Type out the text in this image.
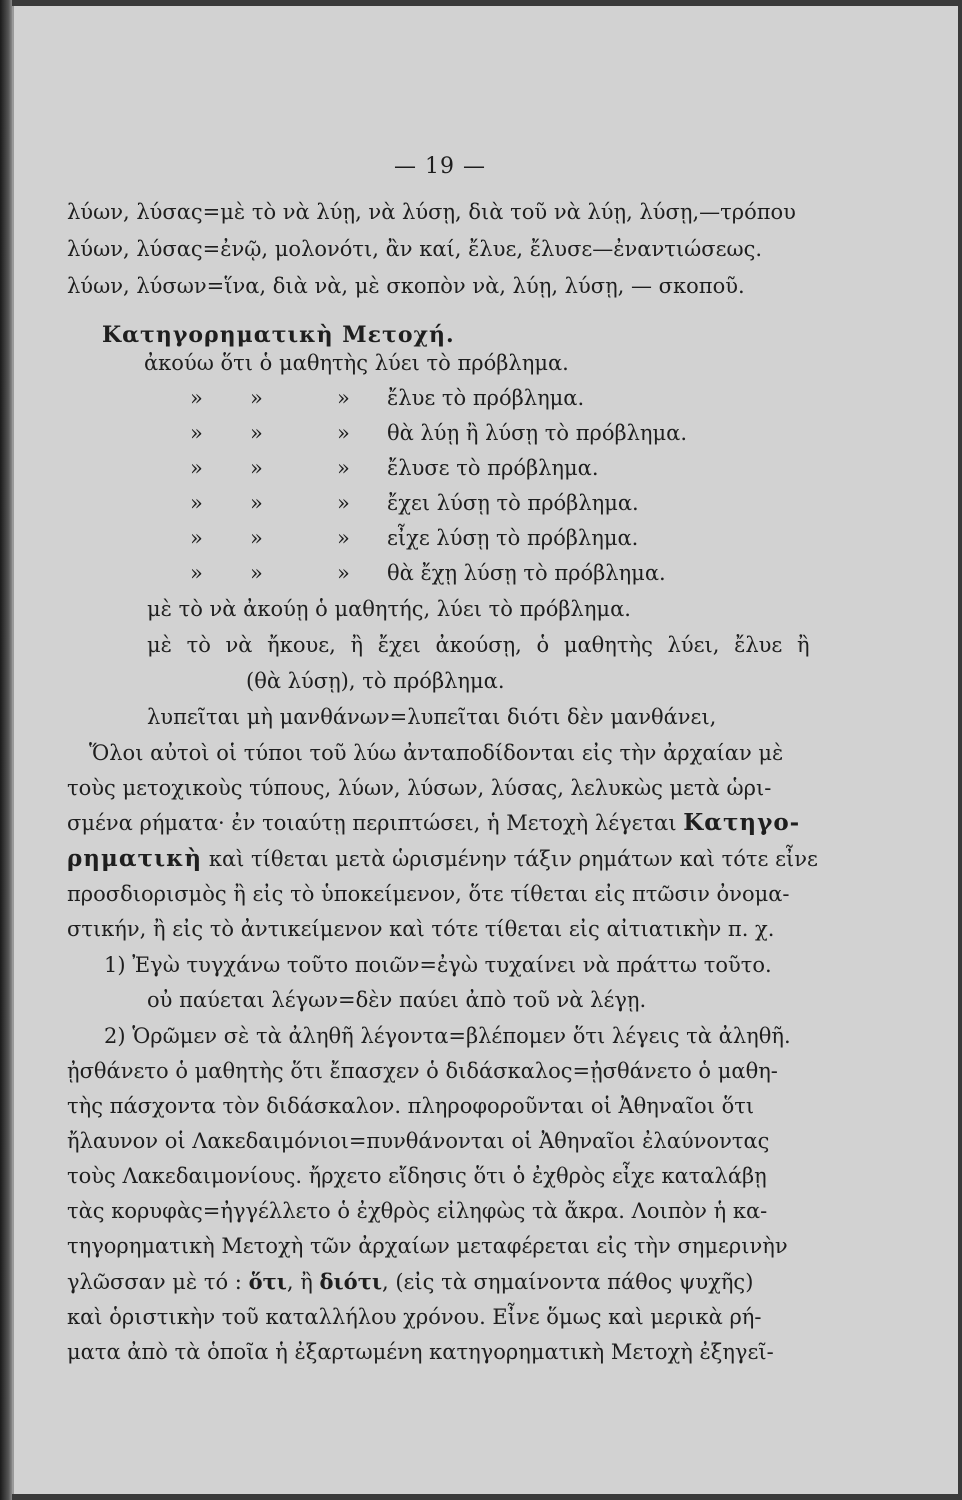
— 19 —
λύων, λύσας=μὲ τὸ νὰ λύῃ, νὰ λύσῃ, διὰ τοῦ νὰ λύῃ, λύσῃ,—τρόπου
λύων, λύσας=ἐνῷ, μολονότι, ἂν καί, ἔλυε, ἔλυσε—ἐναντιώσεως.
λύων, λύσων=ἵνα, διὰ νὰ, μὲ σκοπὸν νὰ, λύῃ, λύσῃ, — σκοποῦ.
Κατηγορηματικὴ Μετοχή.
ἀκούω ὅτι ὁ μαθητὴς λύει τὸ πρόβλημα.
» »	» ἔλυε τὸ πρόβλημα.
» »	» θὰ λύῃ ἢ λύσῃ τὸ πρόβλημα.
» »	» ἔλυσε τὸ πρόβλημα.
» »	» ἔχει λύσῃ τὸ πρόβλημα.
» »	» εἶχε λύσῃ τὸ πρόβλημα.
» »	» θὰ ἔχῃ λύσῃ τὸ πρόβλημα.
μὲ τὸ νὰ ἀκούῃ ὁ μαθητής, λύει τὸ πρόβλημα.
μὲ τὸ νὰ ἤκουε, ἢ ἔχει ἀκούσῃ, ὁ μαθητὴς λύει, ἔλυε ἢ
(θὰ λύσῃ), τὸ πρόβλημα.
λυπεῖται μὴ μανθάνων=λυπεῖται διότι δὲν μανθάνει,
Ὅλοι αὐτοὶ οἱ τύποι τοῦ λύω ἀνταποδίδονται εἰς τὴν ἀρχαίαν μὲ
τοὺς μετοχικοὺς τύπους, λύων, λύσων, λύσας, λελυκὼς μετὰ ὡρι-
σμένα ρήματα· ἐν τοιαύτῃ περιπτώσει, ἡ Μετοχὴ λέγεται Κατηγο-
ρηματικὴ καὶ τίθεται μετὰ ὡρισμένην τάξιν ρημάτων καὶ τότε εἶνε
προσδιορισμὸς ἢ εἰς τὸ ὑποκείμενον, ὅτε τίθεται εἰς πτῶσιν ὀνομα-
στικήν, ἢ εἰς τὸ ἀντικείμενον καὶ τότε τίθεται εἰς αἰτιατικὴν π. χ.
1) Ἐγὼ τυγχάνω τοῦτο ποιῶν=ἐγὼ τυχαίνει νὰ πράττω τοῦτο.
οὐ παύεται λέγων=δὲν παύει ἀπὸ τοῦ νὰ λέγῃ.
2) Ὁρῶμεν σὲ τὰ ἀληθῆ λέγοντα=βλέπομεν ὅτι λέγεις τὰ ἀληθῆ.
ᾐσθάνετο ὁ μαθητὴς ὅτι ἔπασχεν ὁ διδάσκαλος=ᾐσθάνετο ὁ μαθη-
τὴς πάσχοντα τὸν διδάσκαλον. πληροφοροῦνται οἱ Ἀθηναῖοι ὅτι
ἤλαυνον οἱ Λακεδαιμόνιοι=πυνθάνονται οἱ Ἀθηναῖοι ἐλαύνοντας
τοὺς Λακεδαιμονίους. ἤρχετο εἴδησις ὅτι ὁ ἐχθρὸς εἶχε καταλάβῃ
τὰς κορυφὰς=ἠγγέλλετο ὁ ἐχθρὸς εἰληφὼς τὰ ἄκρα. Λοιπὸν ἡ κα-
τηγορηματικὴ Μετοχὴ τῶν ἀρχαίων μεταφέρεται εἰς τὴν σημερινὴν
γλῶσσαν μὲ τό : ὅτι, ἢ διότι, (εἰς τὰ σημαίνοντα πάθος ψυχῆς)
καὶ ὁριστικὴν τοῦ καταλλήλου χρόνου. Εἶνε ὅμως καὶ μερικὰ ρή-
ματα ἀπὸ τὰ ὁποῖα ἡ ἐξαρτωμένη κατηγορηματικὴ Μετοχὴ ἐξηγεῖ-
